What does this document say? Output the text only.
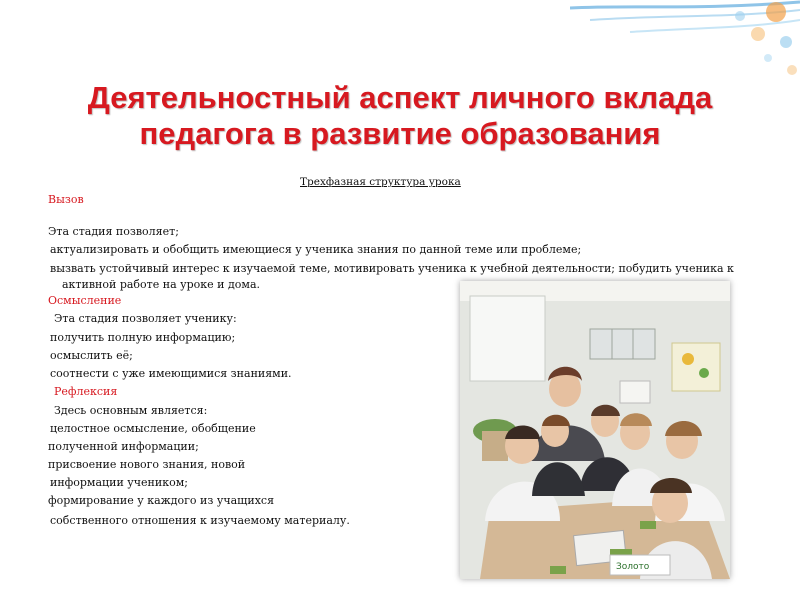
Деятельностный аспект личного вклада
педагога в развитие образования
Трехфазная структура урока
Вызов
Эта стадия позволяет;
актуализировать и обобщить имеющиеся у ученика знания по данной теме или проблеме;
вызвать устойчивый интерес к изучаемой теме, мотивировать ученика к учебной деятельности; побудить ученика к активной работе на уроке и дома.
Осмысление
Эта стадия позволяет ученику:
получить полную информацию;
осмыслить её;
соотнести с уже имеющимися знаниями.
Рефлексия
Здесь основным является:
целостное осмысление, обобщение
полученной информации;
присвоение нового знания, новой
информации учеником;
формирование у каждого из учащихся
собственного отношения к изучаемому материалу.
Золото
